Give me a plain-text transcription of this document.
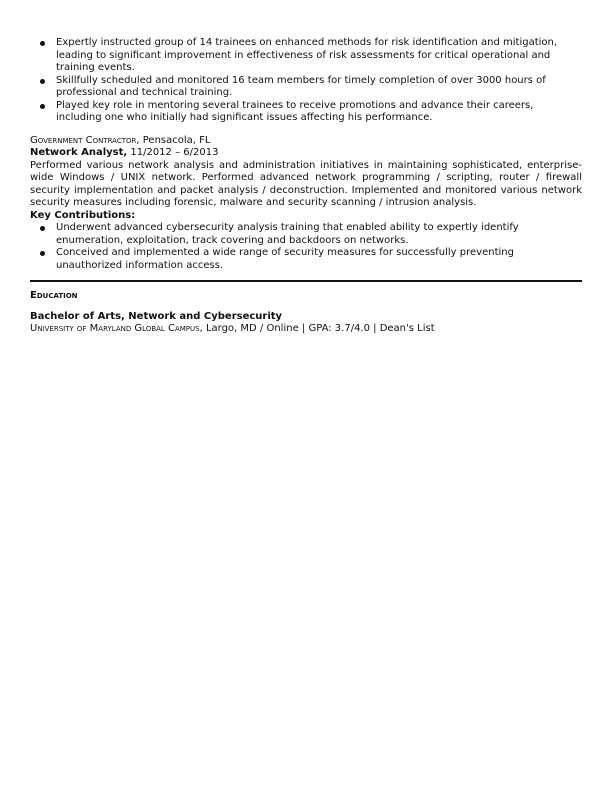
Expertly instructed group of 14 trainees on enhanced methods for risk identification and mitigation, leading to significant improvement in effectiveness of risk assessments for critical operational and training events.
Skillfully scheduled and monitored 16 team members for timely completion of over 3000 hours of professional and technical training.
Played key role in mentoring several trainees to receive promotions and advance their careers, including one who initially had significant issues affecting his performance.
Government Contractor, Pensacola, FL
Network Analyst, 11/2012 – 6/2013
Performed various network analysis and administration initiatives in maintaining sophisticated, enterprise-wide Windows / UNIX network. Performed advanced network programming / scripting, router / firewall security implementation and packet analysis / deconstruction. Implemented and monitored various network security measures including forensic, malware and security scanning / intrusion analysis.
Key Contributions:
Underwent advanced cybersecurity analysis training that enabled ability to expertly identify enumeration, exploitation, track covering and backdoors on networks.
Conceived and implemented a wide range of security measures for successfully preventing unauthorized information access.
Education
Bachelor of Arts, Network and Cybersecurity
University of Maryland Global Campus, Largo, MD / Online | GPA: 3.7/4.0 | Dean's List
